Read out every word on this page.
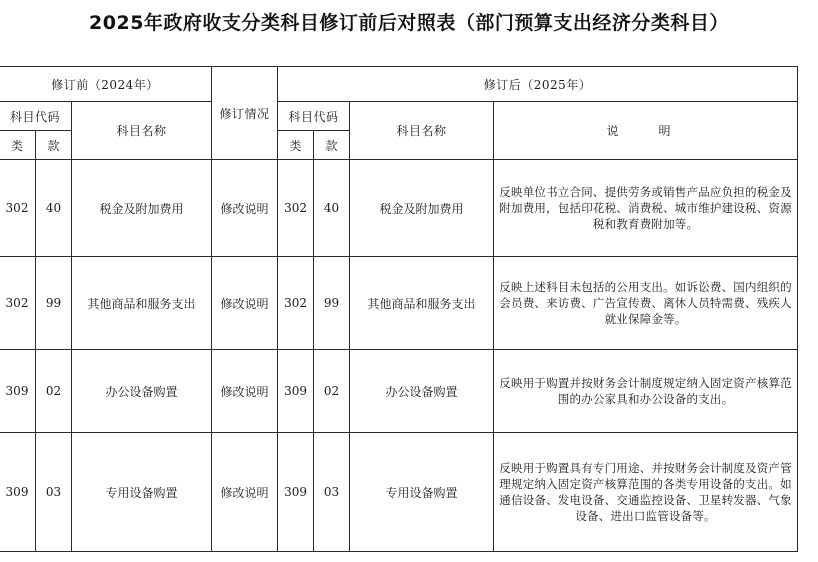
2025年政府收支分类科目修订前后对照表（部门预算支出经济分类科目）
修订前（2024年）			修订情况	修订后（2025年）			
科目代码		科目名称		科目代码		科目名称	说　明
类	款			类	款		
302	40	税金及附加费用	修改说明	302	40	税金及附加费用	反映单位书立合同、提供劳务或销售产品应负担的税金及附加费用，包括印花税、消费税、城市维护建设税、资源税和教育费附加等。
302	99	其他商品和服务支出	修改说明	302	99	其他商品和服务支出	反映上述科目未包括的公用支出。如诉讼费、国内组织的会员费、来访费、广告宣传费、离休人员特需费、残疾人就业保障金等。
309	02	办公设备购置	修改说明	309	02	办公设备购置	反映用于购置并按财务会计制度规定纳入固定资产核算范围的办公家具和办公设备的支出。
309	03	专用设备购置	修改说明	309	03	专用设备购置	反映用于购置具有专门用途、并按财务会计制度及资产管理规定纳入固定资产核算范围的各类专用设备的支出。如通信设备、发电设备、交通监控设备、卫星转发器、气象设备、进出口监管设备等。
